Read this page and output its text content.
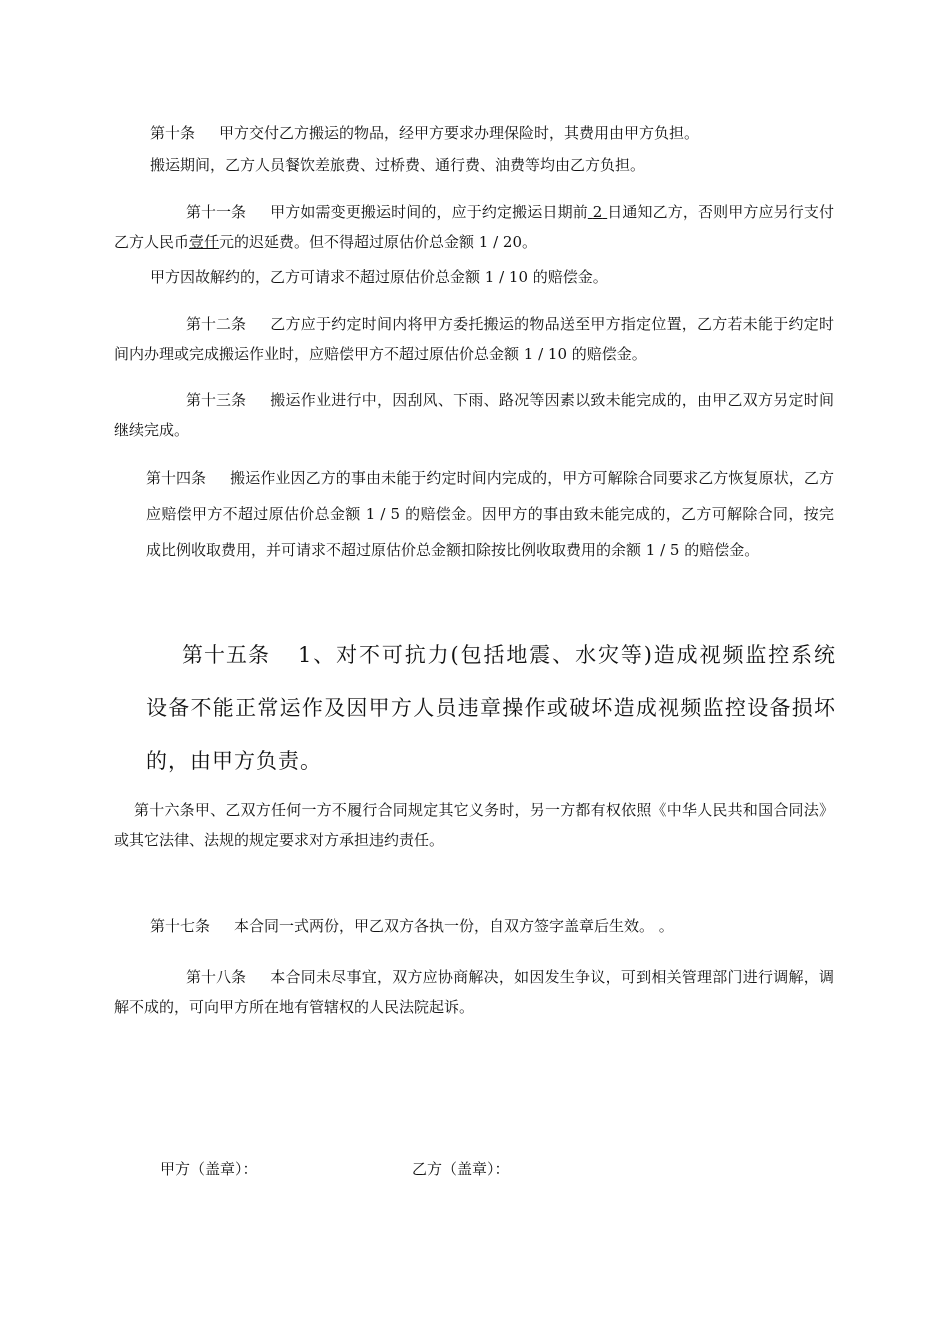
第十条 甲方交付乙方搬运的物品，经甲方要求办理保险时，其费用由甲方负担。

搬运期间，乙方人员餐饮差旅费、过桥费、通行费、油费等均由乙方负担。

第十一条 甲方如需变更搬运时间的，应于约定搬运日期前 2 日通知乙方，否则甲方应另行支付乙方人民币壹仟元的迟延费。但不得超过原估价总金额 1 / 20。

甲方因故解约的，乙方可请求不超过原估价总金额 1 / 10 的赔偿金。

第十二条 乙方应于约定时间内将甲方委托搬运的物品送至甲方指定位置，乙方若未能于约定时间内办理或完成搬运作业时，应赔偿甲方不超过原估价总金额 1 / 10 的赔偿金。

第十三条 搬运作业进行中，因刮风、下雨、路况等因素以致未能完成的，由甲乙双方另定时间继续完成。

第十四条 搬运作业因乙方的事由未能于约定时间内完成的，甲方可解除合同要求乙方恢复原状，乙方应赔偿甲方不超过原估价总金额 1 / 5 的赔偿金。因甲方的事由致未能完成的，乙方可解除合同，按完成比例收取费用，并可请求不超过原估价总金额扣除按比例收取费用的余额 1 / 5 的赔偿金。

第十五条 1、对不可抗力(包括地震、水灾等)造成视频监控系统设备不能正常运作及因甲方人员违章操作或破坏造成视频监控设备损坏的，由甲方负责。

第十六条甲、乙双方任何一方不履行合同规定其它义务时，另一方都有权依照《中华人民共和国合同法》或其它法律、法规的规定要求对方承担违约责任。

第十七条 本合同一式两份，甲乙双方各执一份，自双方签字盖章后生效。 。

第十八条 本合同未尽事宜，双方应协商解决，如因发生争议，可到相关管理部门进行调解，调解不成的，可向甲方所在地有管辖权的人民法院起诉。

甲方（盖章）：	乙方（盖章）：
